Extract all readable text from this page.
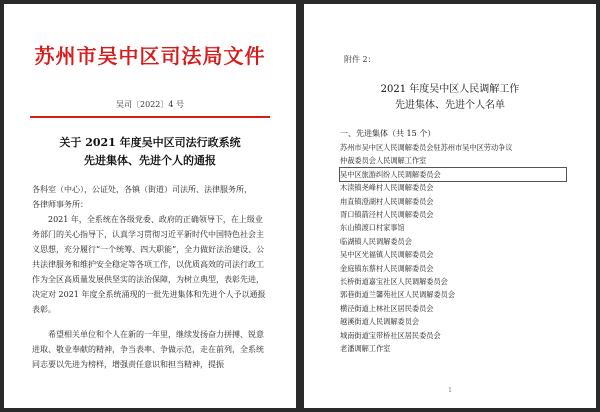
苏州市吴中区司法局文件
吴司〔2022〕4 号
关于 2021 年度吴中区司法行政系统
先进集体、先进个人的通报

各科室（中心），公证处，各镇（街道）司法所、法律服务所，

各律师事务所：

2021 年，全系统在各级党委、政府的正确领导下，在上级业务部门的关心指导下，认真学习贯彻习近平新时代中国特色社会主义思想，充分履行“一个统筹、四大职能”，全力做好法治建设、公共法律服务和维护安全稳定等各项工作，以优质高效的司法行政工作为全区高质量发展供坚实的法治保障，为树立典型，表彰先进，决定对 2021 年度全系统涌现的一批先进集体和先进个人予以通报表彰。

希望相关单位和个人在新的一年里，继续发扬奋力拼搏、锐意进取、敬业奉献的精神，争当表率、争做示范，走在前列，全系统同志要以先进为榜样，增强责任意识和担当精神，提振

附件 2：
2021 年度吴中区人民调解工作
先进集体、先进个人名单
一、先进集体（共 15 个）
苏州市吴中区人民调解委员会驻苏州市吴中区劳动争议
仲裁委员会人民调解工作室
吴中区旅游纠纷人民调解委员会
木渎镇尧峰村人民调解委员会
甪直镇澄湖村人民调解委员会
胥口镇箭泾村人民调解委员会
东山镇渡口村家事馆
临湖镇人民调解委员会
吴中区光福镇人民调解委员会
金庭镇东蔡村人民调解委员会
长桥街道嘉宝社区人民调解委员会
郭巷街道兰馨苑社区人民调解委员会
横泾街道上林社区居民委员会
越溪街道人民调解委员会
城南街道宝带桥社区居民委员会
老潘调解工作室
1
